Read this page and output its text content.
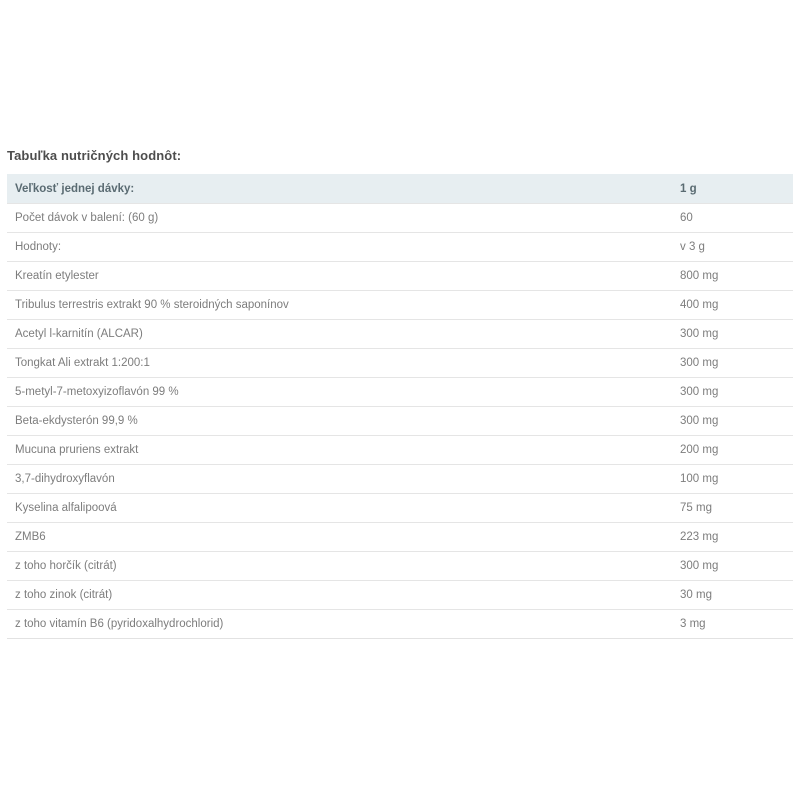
Tabuľka nutričných hodnôt:
Veľkosť jednej dávky:	1 g
Počet dávok v balení: (60 g)	60
Hodnoty:	v 3 g
Kreatín etylester	800 mg
Tribulus terrestris extrakt 90 % steroidných saponínov	400 mg
Acetyl l-karnitín (ALCAR)	300 mg
Tongkat Ali extrakt 1:200:1	300 mg
5-metyl-7-metoxyizoflavón 99 %	300 mg
Beta-ekdysterón 99,9 %	300 mg
Mucuna pruriens extrakt	200 mg
3,7-dihydroxyflavón	100 mg
Kyselina alfalipoová	75 mg
ZMB6	223 mg
z toho horčík (citrát)	300 mg
z toho zinok (citrát)	30 mg
z toho vitamín B6 (pyridoxalhydrochlorid)	3 mg
